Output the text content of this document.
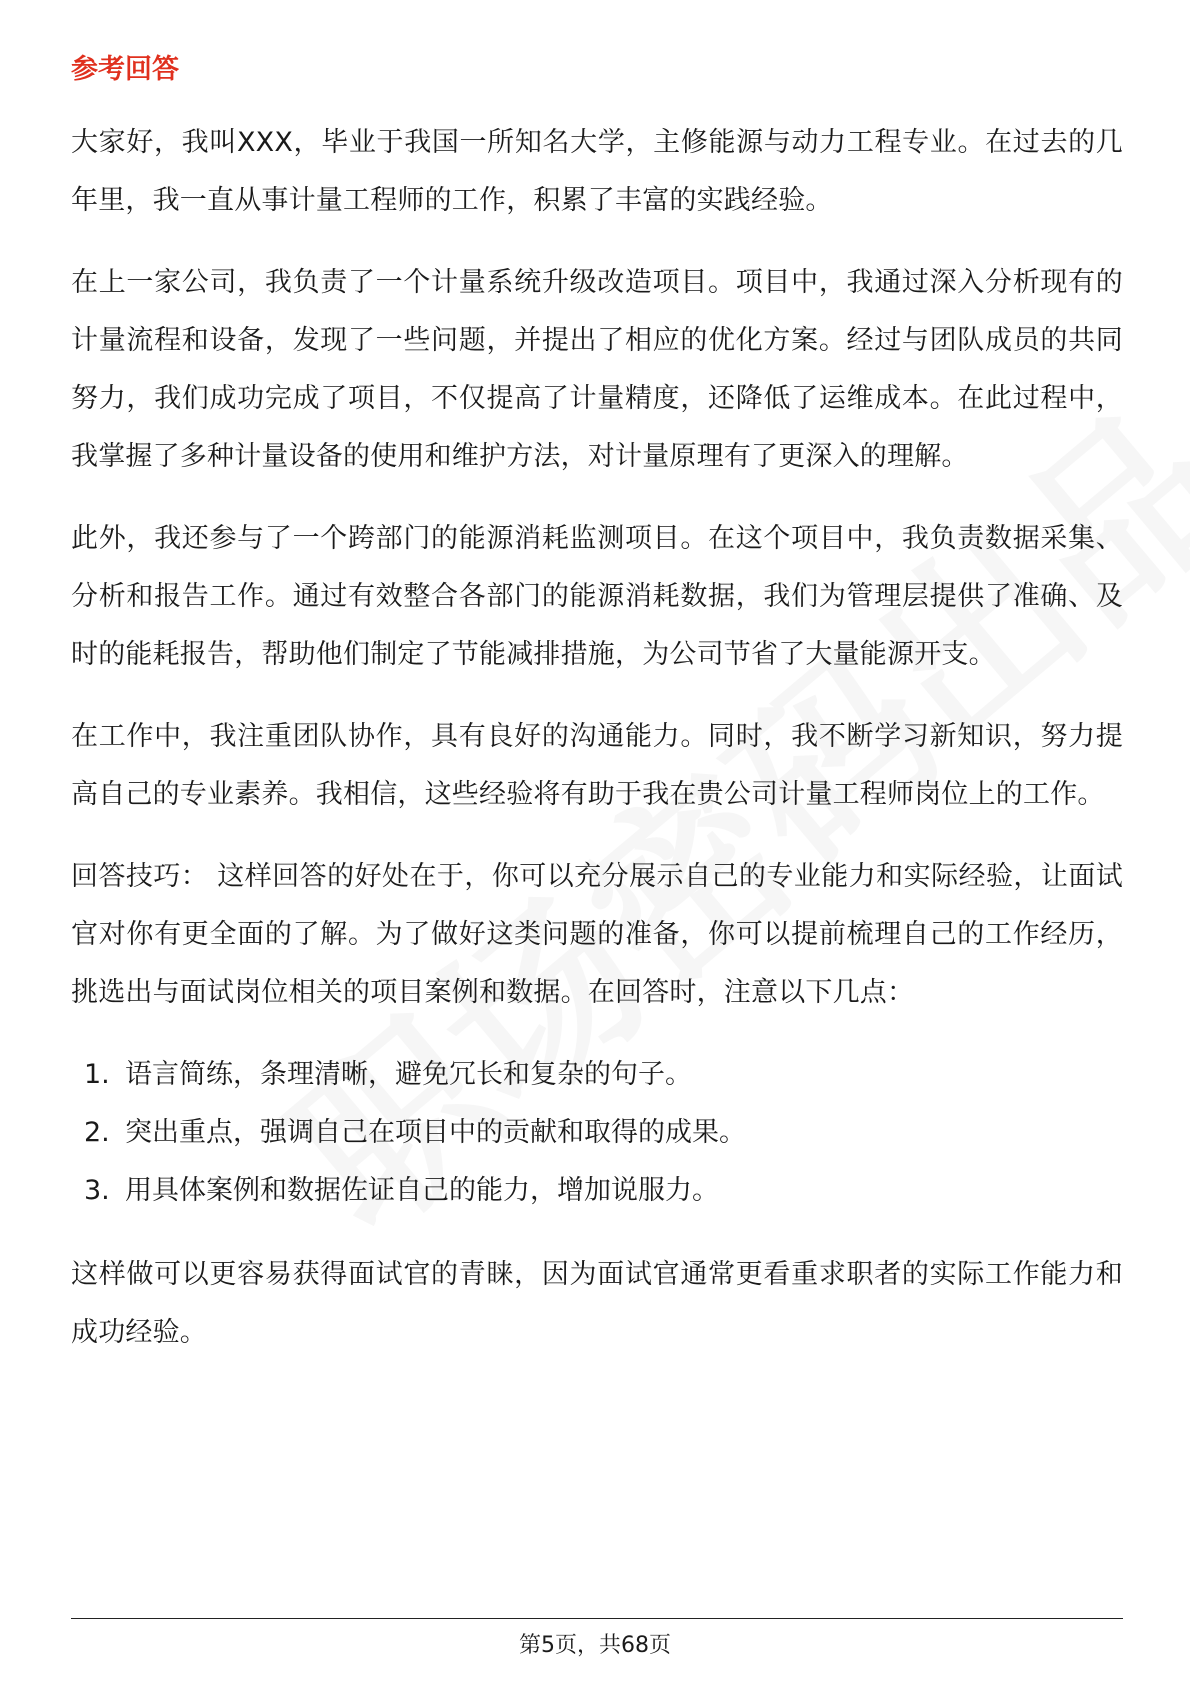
参考回答

大家好，我叫XXX，毕业于我国一所知名大学，主修能源与动力工程专业。在过去的几年里，我一直从事计量工程师的工作，积累了丰富的实践经验。

在上一家公司，我负责了一个计量系统升级改造项目。项目中，我通过深入分析现有的计量流程和设备，发现了一些问题，并提出了相应的优化方案。经过与团队成员的共同努力，我们成功完成了项目，不仅提高了计量精度，还降低了运维成本。在此过程中，我掌握了多种计量设备的使用和维护方法，对计量原理有了更深入的理解。

此外，我还参与了一个跨部门的能源消耗监测项目。在这个项目中，我负责数据采集、分析和报告工作。通过有效整合各部门的能源消耗数据，我们为管理层提供了准确、及时的能耗报告，帮助他们制定了节能减排措施，为公司节省了大量能源开支。

在工作中，我注重团队协作，具有良好的沟通能力。同时，我不断学习新知识，努力提高自己的专业素养。我相信，这些经验将有助于我在贵公司计量工程师岗位上的工作。

回答技巧： 这样回答的好处在于，你可以充分展示自己的专业能力和实际经验，让面试官对你有更全面的了解。为了做好这类问题的准备，你可以提前梳理自己的工作经历，挑选出与面试岗位相关的项目案例和数据。在回答时，注意以下几点：

1. 语言简练，条理清晰，避免冗长和复杂的句子。
2. 突出重点，强调自己在项目中的贡献和取得的成果。
3. 用具体案例和数据佐证自己的能力，增加说服力。

这样做可以更容易获得面试官的青睐，因为面试官通常更看重求职者的实际工作能力和成功经验。

第5页，共68页
